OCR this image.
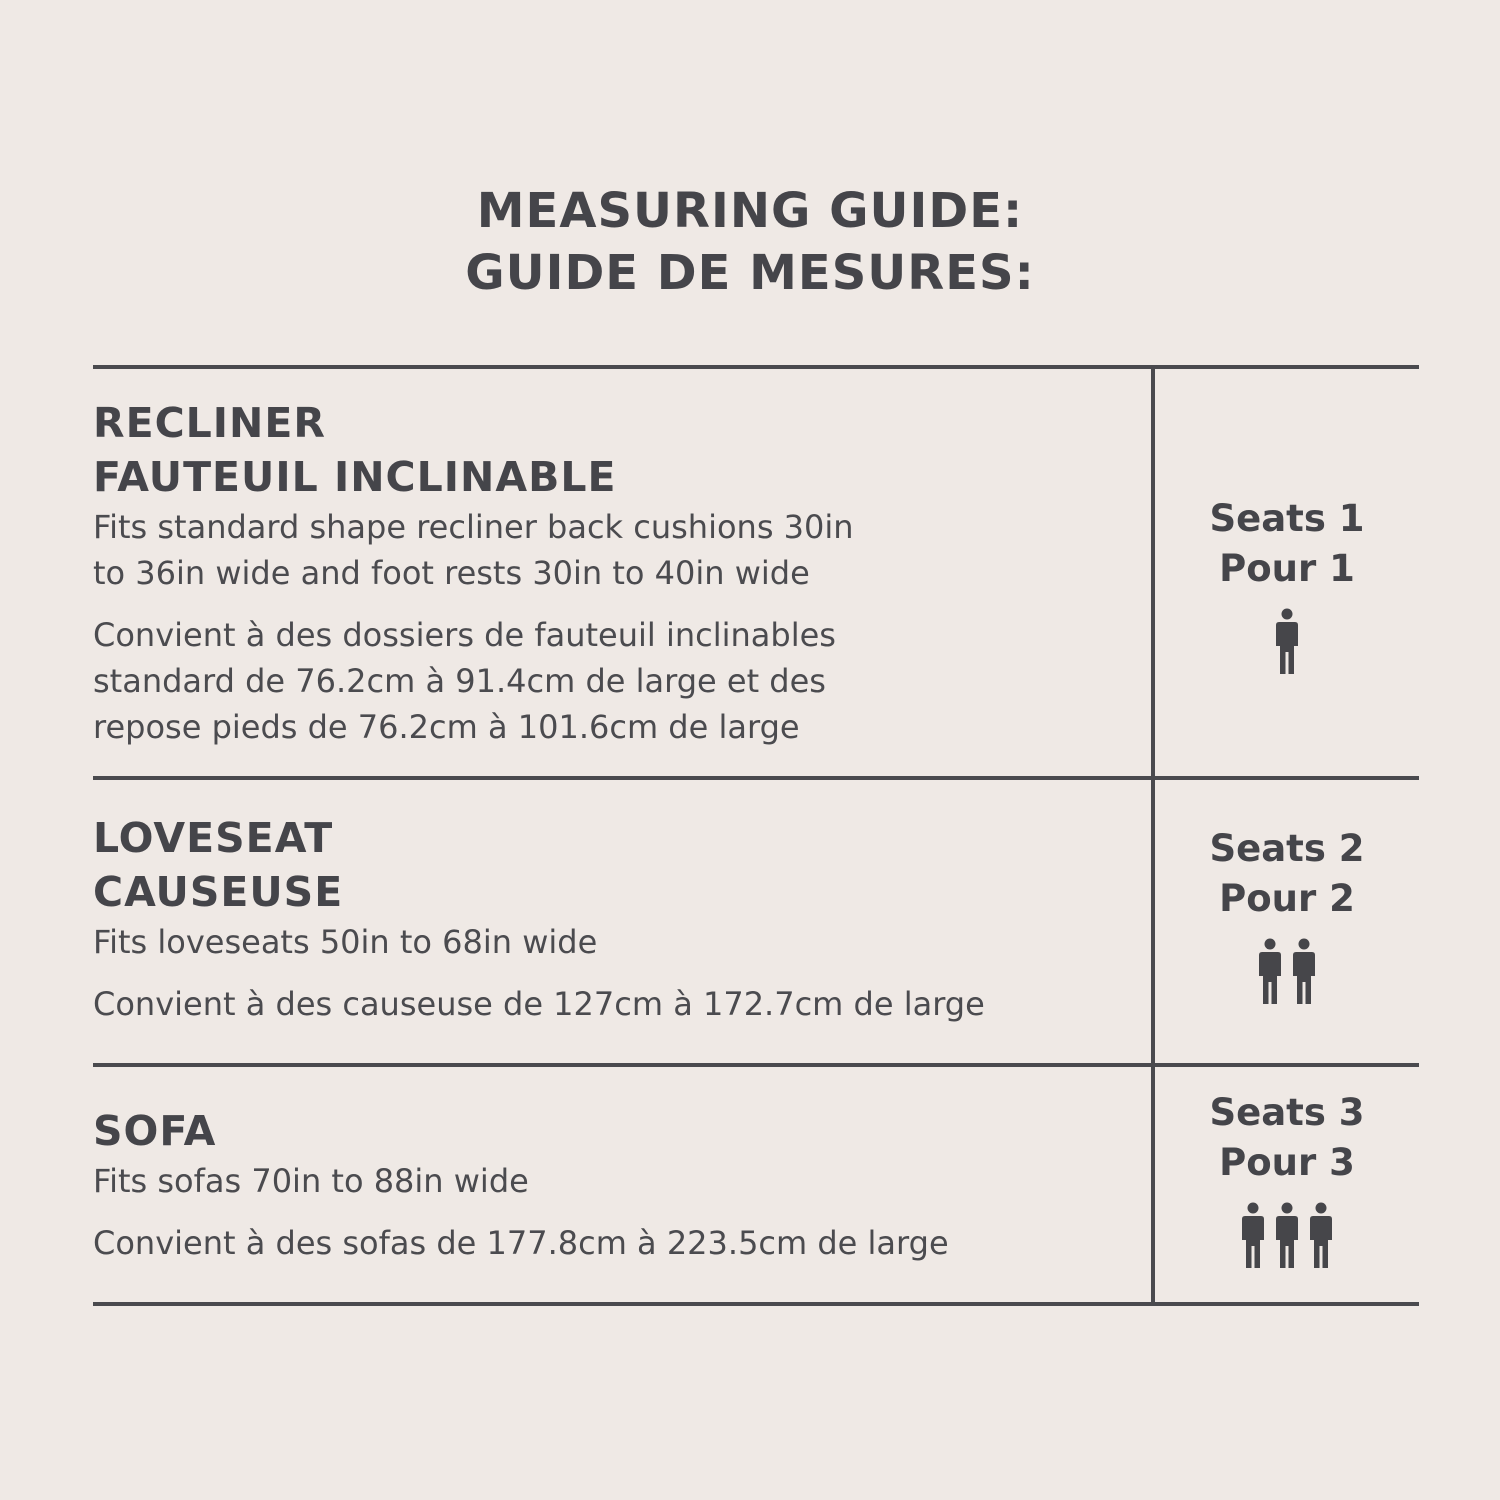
MEASURING GUIDE:
GUIDE DE MESURES:
RECLINER
FAUTEUIL INCLINABLE
Fits standard shape recliner back cushions 30in
to 36in wide and foot rests 30in to 40in wide
Convient à des dossiers de fauteuil inclinables
standard de 76.2cm à 91.4cm de large et des
repose pieds de 76.2cm à 101.6cm de large
Seats 1
Pour 1
LOVESEAT
CAUSEUSE
Fits loveseats 50in to 68in wide
Convient à des causeuse de 127cm à 172.7cm de large
Seats 2
Pour 2
SOFA
Fits sofas 70in to 88in wide
Convient à des sofas de 177.8cm à 223.5cm de large
Seats 3
Pour 3
